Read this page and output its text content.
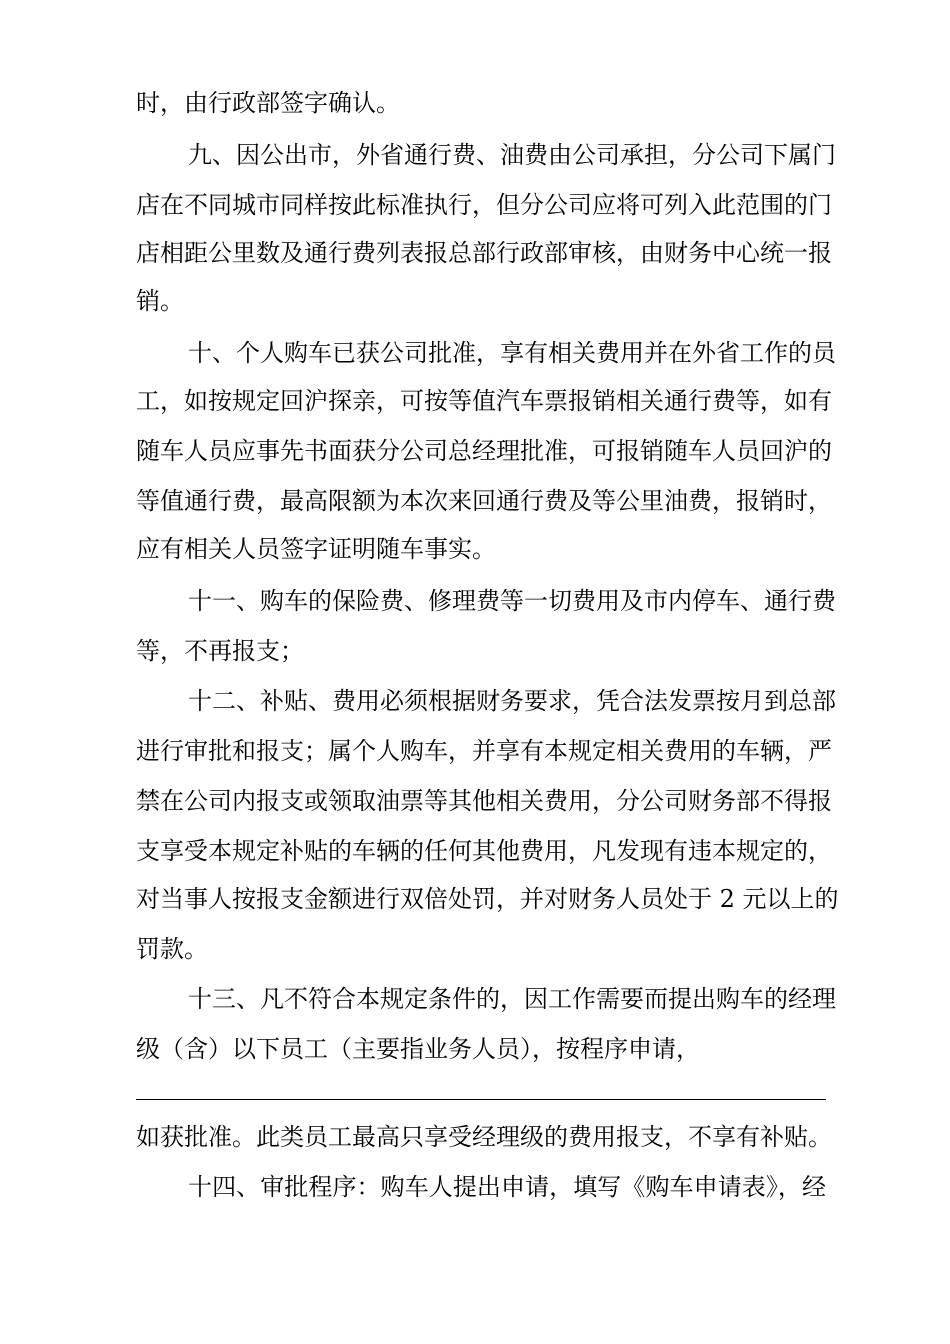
时，由行政部签字确认。
九、因公出市，外省通行费、油费由公司承担，分公司下属门
店在不同城市同样按此标准执行，但分公司应将可列入此范围的门
店相距公里数及通行费列表报总部行政部审核，由财务中心统一报
销。
十、个人购车已获公司批准，享有相关费用并在外省工作的员
工，如按规定回沪探亲，可按等值汽车票报销相关通行费等，如有
随车人员应事先书面获分公司总经理批准，可报销随车人员回沪的
等值通行费，最高限额为本次来回通行费及等公里油费，报销时，
应有相关人员签字证明随车事实。
十一、购车的保险费、修理费等一切费用及市内停车、通行费
等，不再报支；
十二、补贴、费用必须根据财务要求，凭合法发票按月到总部
进行审批和报支；属个人购车，并享有本规定相关费用的车辆，严
禁在公司内报支或领取油票等其他相关费用，分公司财务部不得报
支享受本规定补贴的车辆的任何其他费用，凡发现有违本规定的，
对当事人按报支金额进行双倍处罚，并对财务人员处于 2 元以上的
罚款。
十三、凡不符合本规定条件的，因工作需要而提出购车的经理
级（含）以下员工（主要指业务人员），按程序申请，
如获批准。此类员工最高只享受经理级的费用报支，不享有补贴。
十四、审批程序：购车人提出申请，填写《购车申请表》，经
